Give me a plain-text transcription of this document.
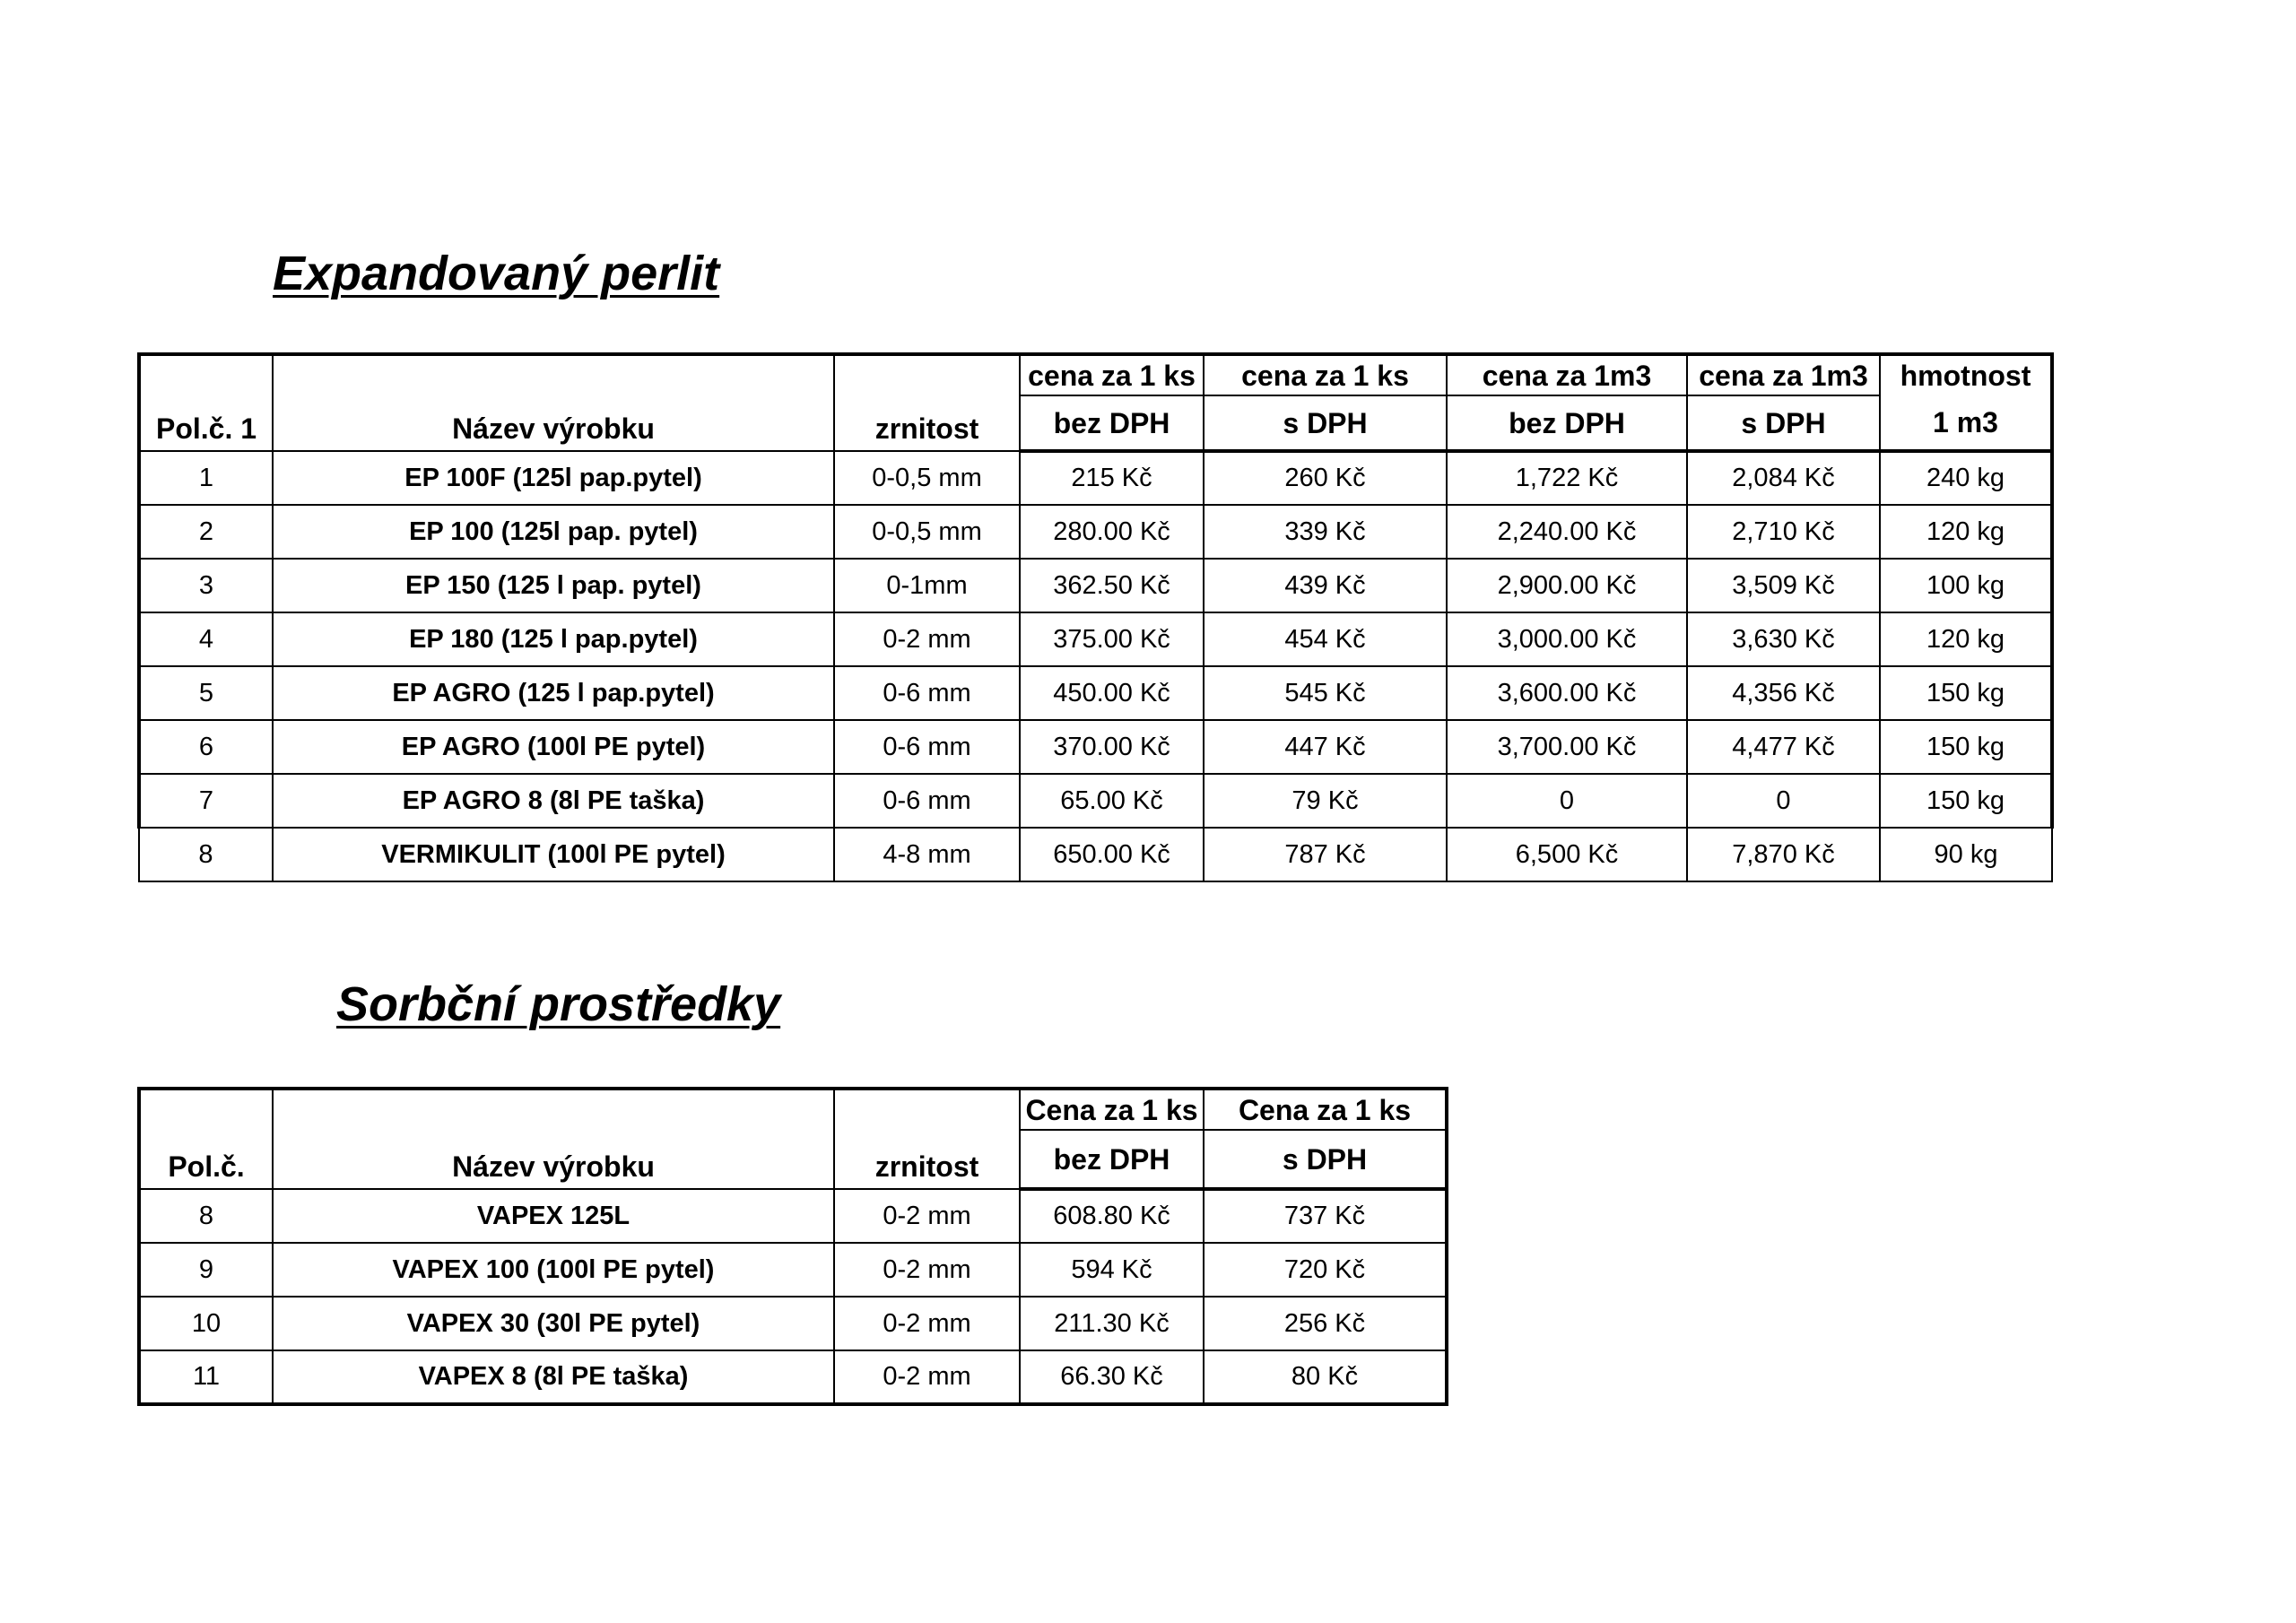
Expandovaný perlit
Pol.č. 1	Název výrobku	zrnitost	cena za 1 ks	cena za 1 ks	cena za 1m3	cena za 1m3	hmotnost
			bez DPH	s DPH	bez DPH	s DPH	1 m3
1	EP 100F (125l pap.pytel)	0-0,5 mm	215 Kč	260 Kč	1,722 Kč	2,084 Kč	240 kg
2	EP 100 (125l pap. pytel)	0-0,5 mm	280.00 Kč	339 Kč	2,240.00 Kč	2,710 Kč	120 kg
3	EP 150 (125 l pap. pytel)	0-1mm	362.50 Kč	439 Kč	2,900.00 Kč	3,509 Kč	100 kg
4	EP 180 (125 l pap.pytel)	0-2 mm	375.00 Kč	454 Kč	3,000.00 Kč	3,630 Kč	120 kg
5	EP AGRO (125 l pap.pytel)	0-6 mm	450.00 Kč	545 Kč	3,600.00 Kč	4,356 Kč	150 kg
6	EP AGRO (100l PE pytel)	0-6 mm	370.00 Kč	447 Kč	3,700.00 Kč	4,477 Kč	150 kg
7	EP AGRO 8 (8l PE taška)	0-6 mm	65.00 Kč	79 Kč	0	0	150 kg
8	VERMIKULIT (100l PE pytel)	4-8 mm	650.00 Kč	787 Kč	6,500 Kč	7,870 Kč	90 kg
Sorbční prostředky
Pol.č.	Název výrobku	zrnitost	Cena za 1 ks	Cena za 1 ks
			bez DPH	s DPH
8	VAPEX 125L	0-2 mm	608.80 Kč	737 Kč
9	VAPEX 100 (100l PE pytel)	0-2 mm	594 Kč	720 Kč
10	VAPEX 30 (30l PE pytel)	0-2 mm	211.30 Kč	256 Kč
11	VAPEX 8 (8l PE taška)	0-2 mm	66.30 Kč	80 Kč
